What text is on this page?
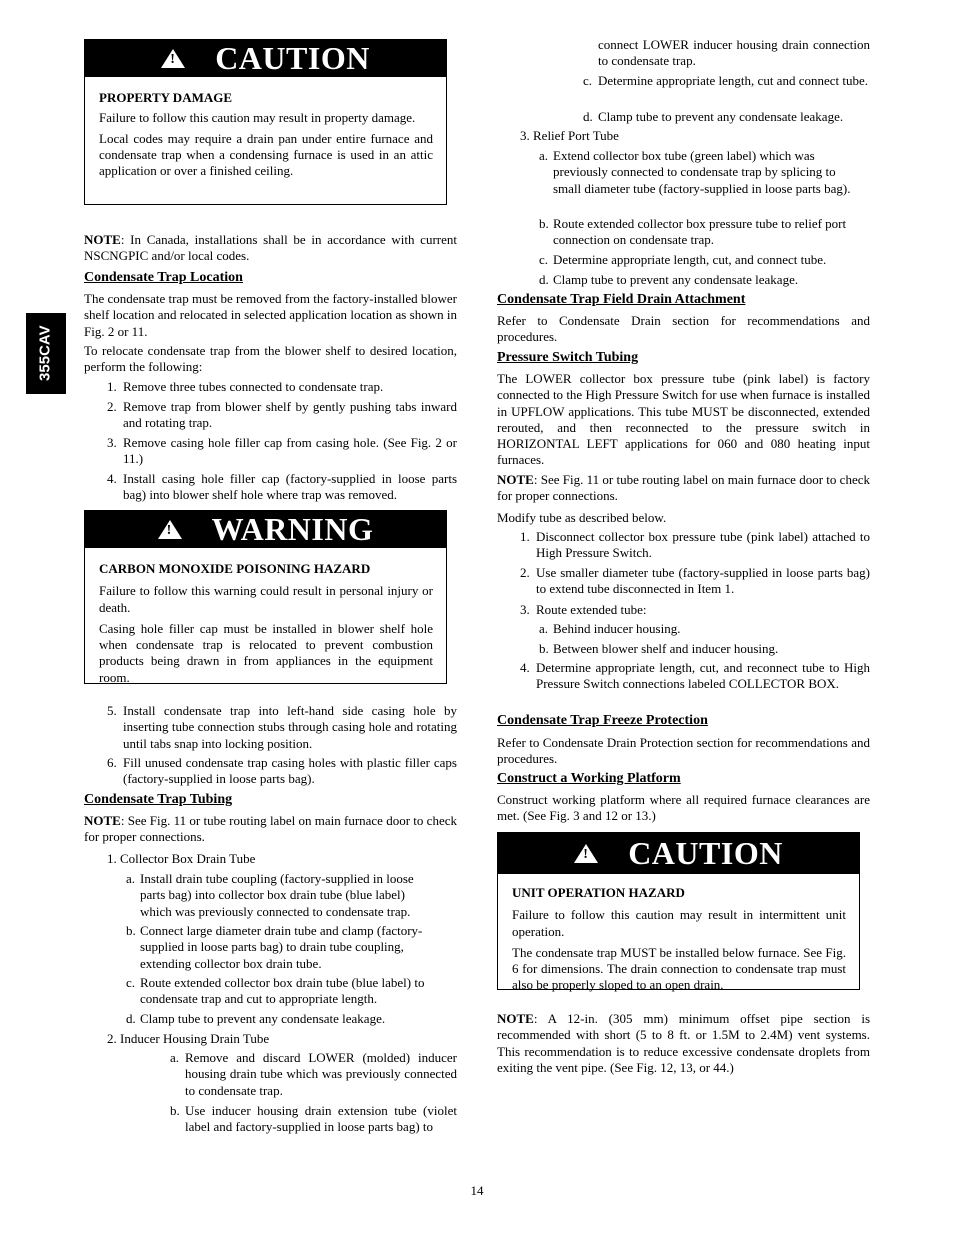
355CAV
!
CAUTION

PROPERTY DAMAGE

Failure to follow this caution may result in property damage.

Local codes may require a drain pan under entire furnace and condensate trap when a condensing furnace is used in an attic application or over a finished ceiling.

NOTE: In Canada, installations shall be in accordance with current NSCNGPIC and/or local codes.

Condensate Trap Location

The condensate trap must be removed from the factory-installed blower shelf location and relocated in selected application location as shown in Fig. 2 or 11.

To relocate condensate trap from the blower shelf to desired location, perform the following:

1. Remove three tubes connected to condensate trap.
2. Remove trap from blower shelf by gently pushing tabs inward and rotating trap.
3. Remove casing hole filler cap from casing hole. (See Fig. 2 or 11.)
4. Install casing hole filler cap (factory-supplied in loose parts bag) into blower shelf hole where trap was removed.
!
WARNING

CARBON MONOXIDE POISONING HAZARD

Failure to follow this warning could result in personal injury or death.

Casing hole filler cap must be installed in blower shelf hole when condensate trap is relocated to prevent combustion products being drawn in from appliances in the equipment room.

5. Install condensate trap into left-hand side casing hole by inserting tube connection stubs through casing hole and rotating until tabs snap into locking position.
6. Fill unused condensate trap casing holes with plastic filler caps (factory-supplied in loose parts bag).
Condensate Trap Tubing

NOTE: See Fig. 11 or tube routing label on main furnace door to check for proper connections.

1. Collector Box Drain Tube
a. Install drain tube coupling (factory-supplied in loose parts bag) into collector box drain tube (blue label) which was previously connected to condensate trap.
b. Connect large diameter drain tube and clamp (factory-supplied in loose parts bag) to drain tube coupling, extending collector box drain tube.
c. Route extended collector box drain tube (blue label) to condensate trap and cut to appropriate length.
d. Clamp tube to prevent any condensate leakage.
2. Inducer Housing Drain Tube
a. Remove and discard LOWER (molded) inducer housing drain tube which was previously connected to condensate trap.
b. Use inducer housing drain extension tube (violet label and factory-supplied in loose parts bag) to

connect LOWER inducer housing drain connection to condensate trap.

c. Determine appropriate length, cut and connect tube.
d. Clamp tube to prevent any condensate leakage.
3. Relief Port Tube
a. Extend collector box tube (green label) which was previously connected to condensate trap by splicing to small diameter tube (factory-supplied in loose parts bag).
b. Route extended collector box pressure tube to relief port connection on condensate trap.
c. Determine appropriate length, cut, and connect tube.
d. Clamp tube to prevent any condensate leakage.
Condensate Trap Field Drain Attachment

Refer to Condensate Drain section for recommendations and procedures.

Pressure Switch Tubing

The LOWER collector box pressure tube (pink label) is factory connected to the High Pressure Switch for use when furnace is installed in UPFLOW applications. This tube MUST be disconnected, extended rerouted, and then reconnected to the pressure switch in HORIZONTAL LEFT applications for 060 and 080 heating input furnaces.

NOTE: See Fig. 11 or tube routing label on main furnace door to check for proper connections.

Modify tube as described below.

1. Disconnect collector box pressure tube (pink label) attached to High Pressure Switch.
2. Use smaller diameter tube (factory-supplied in loose parts bag) to extend tube disconnected in Item 1.
3. Route extended tube:
a. Behind inducer housing.
b. Between blower shelf and inducer housing.
4. Determine appropriate length, cut, and reconnect tube to High Pressure Switch connections labeled COLLECTOR BOX.
Condensate Trap Freeze Protection

Refer to Condensate Drain Protection section for recommendations and procedures.

Construct a Working Platform

Construct working platform where all required furnace clearances are met. (See Fig. 3 and 12 or 13.)

!
CAUTION

UNIT OPERATION HAZARD

Failure to follow this caution may result in intermittent unit operation.

The condensate trap MUST be installed below furnace. See Fig. 6 for dimensions. The drain connection to condensate trap must also be properly sloped to an open drain.

NOTE: A 12-in. (305 mm) minimum offset pipe section is recommended with short (5 to 8 ft. or 1.5M to 2.4M) vent systems. This recommendation is to reduce excessive condensate droplets from exiting the vent pipe. (See Fig. 12, 13, or 44.)

14
